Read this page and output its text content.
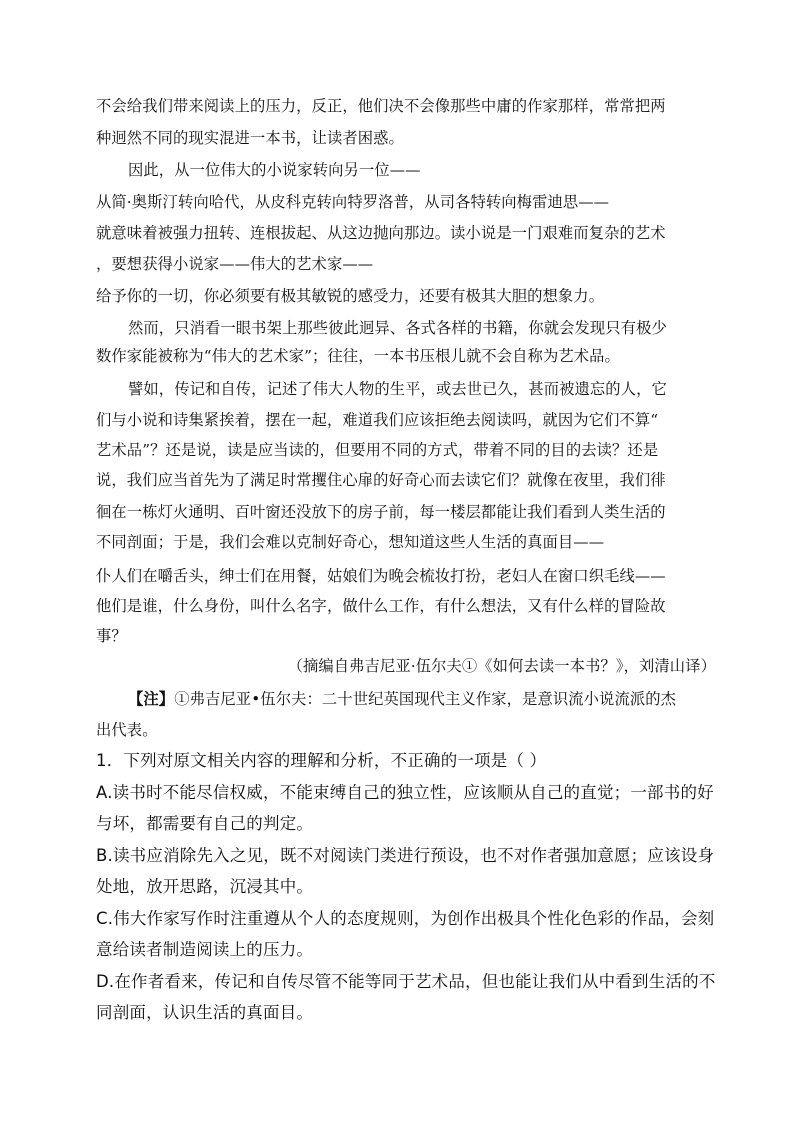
不会给我们带来阅读上的压力，反正，他们决不会像那些中庸的作家那样，常常把两
种迥然不同的现实混进一本书，让读者困惑。
因此，从一位伟大的小说家转向另一位——
从简·奥斯汀转向哈代，从皮科克转向特罗洛普，从司各特转向梅雷迪思——
就意味着被强力扭转、连根拔起、从这边抛向那边。读小说是一门艰难而复杂的艺术
，要想获得小说家——伟大的艺术家——
给予你的一切，你必须要有极其敏锐的感受力，还要有极其大胆的想象力。
然而，只消看一眼书架上那些彼此迥异、各式各样的书籍，你就会发现只有极少
数作家能被称为“伟大的艺术家”；往往，一本书压根儿就不会自称为艺术品。
譬如，传记和自传，记述了伟大人物的生平，或去世已久，甚而被遗忘的人，它
们与小说和诗集紧挨着，摆在一起，难道我们应该拒绝去阅读吗，就因为它们不算“
艺术品”？还是说，读是应当读的，但要用不同的方式，带着不同的目的去读？还是
说，我们应当首先为了满足时常攫住心扉的好奇心而去读它们？就像在夜里，我们徘
徊在一栋灯火通明、百叶窗还没放下的房子前，每一楼层都能让我们看到人类生活的
不同剖面；于是，我们会难以克制好奇心，想知道这些人生活的真面目——
仆人们在嚼舌头，绅士们在用餐，姑娘们为晚会梳妆打扮，老妇人在窗口织毛线——
他们是谁，什么身份，叫什么名字，做什么工作，有什么想法，又有什么样的冒险故
事？
（摘编自弗吉尼亚·伍尔夫①《如何去读一本书？》，刘清山译）
【注】①弗吉尼亚•伍尔夫：二十世纪英国现代主义作家，是意识流小说流派的杰
出代表。
1．下列对原文相关内容的理解和分析，不正确的一项是（ ）
A.读书时不能尽信权威，不能束缚自己的独立性，应该顺从自己的直觉；一部书的好
与坏，都需要有自己的判定。
B.读书应消除先入之见，既不对阅读门类进行预设，也不对作者强加意愿；应该设身
处地，放开思路，沉浸其中。
C.伟大作家写作时注重遵从个人的态度规则，为创作出极具个性化色彩的作品，会刻
意给读者制造阅读上的压力。
D.在作者看来，传记和自传尽管不能等同于艺术品，但也能让我们从中看到生活的不
同剖面，认识生活的真面目。
